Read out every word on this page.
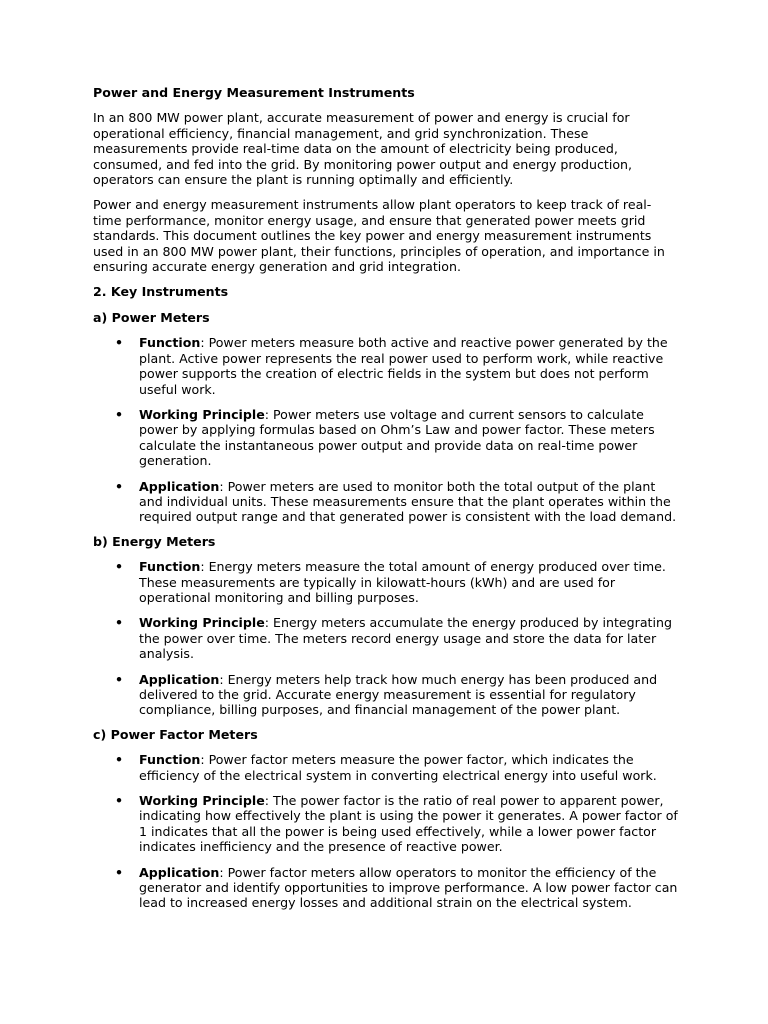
Power and Energy Measurement Instruments

In an 800 MW power plant, accurate measurement of power and energy is crucial for operational efficiency, financial management, and grid synchronization. These measurements provide real-time data on the amount of electricity being produced, consumed, and fed into the grid. By monitoring power output and energy production, operators can ensure the plant is running optimally and efficiently.

Power and energy measurement instruments allow plant operators to keep track of real-time performance, monitor energy usage, and ensure that generated power meets grid standards. This document outlines the key power and energy measurement instruments used in an 800 MW power plant, their functions, principles of operation, and importance in ensuring accurate energy generation and grid integration.

2. Key Instruments
a) Power Meters
• Function: Power meters measure both active and reactive power generated by the plant. Active power represents the real power used to perform work, while reactive power supports the creation of electric fields in the system but does not perform useful work.
• Working Principle: Power meters use voltage and current sensors to calculate power by applying formulas based on Ohm’s Law and power factor. These meters calculate the instantaneous power output and provide data on real-time power generation.
• Application: Power meters are used to monitor both the total output of the plant and individual units. These measurements ensure that the plant operates within the required output range and that generated power is consistent with the load demand.
b) Energy Meters
• Function: Energy meters measure the total amount of energy produced over time. These measurements are typically in kilowatt-hours (kWh) and are used for operational monitoring and billing purposes.
• Working Principle: Energy meters accumulate the energy produced by integrating the power over time. The meters record energy usage and store the data for later analysis.
• Application: Energy meters help track how much energy has been produced and delivered to the grid. Accurate energy measurement is essential for regulatory compliance, billing purposes, and financial management of the power plant.
c) Power Factor Meters
• Function: Power factor meters measure the power factor, which indicates the efficiency of the electrical system in converting electrical energy into useful work.
• Working Principle: The power factor is the ratio of real power to apparent power, indicating how effectively the plant is using the power it generates. A power factor of 1 indicates that all the power is being used effectively, while a lower power factor indicates inefficiency and the presence of reactive power.
• Application: Power factor meters allow operators to monitor the efficiency of the generator and identify opportunities to improve performance. A low power factor can lead to increased energy losses and additional strain on the electrical system.
